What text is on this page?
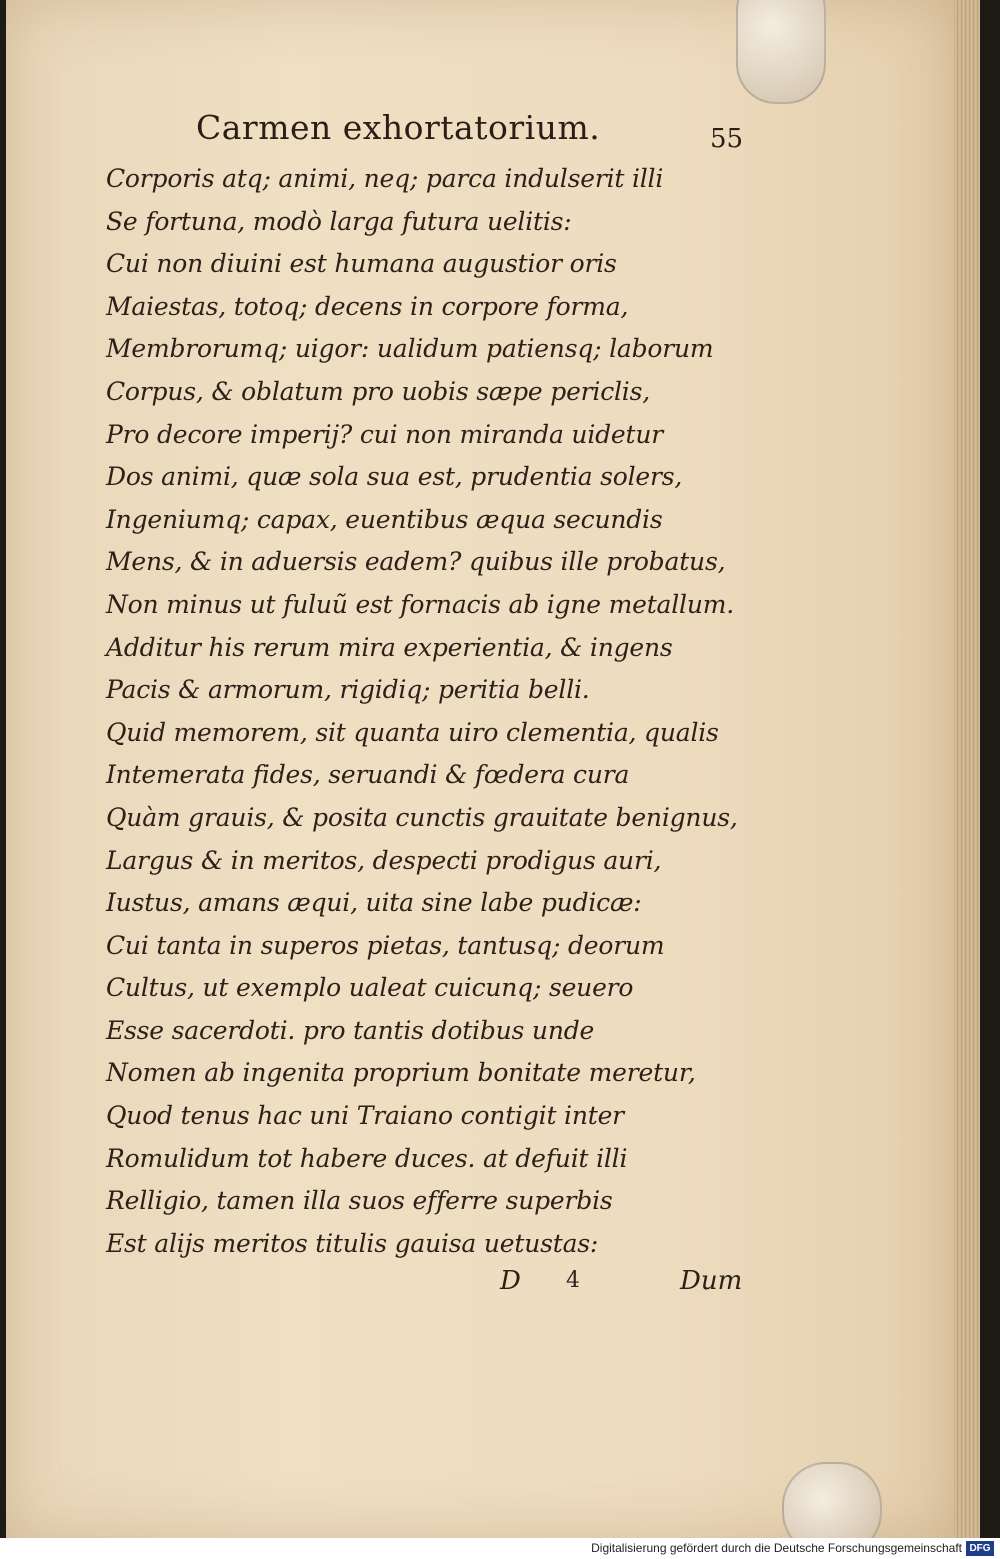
Carmen exhortatorium.	55
Corporis atq; animi, neq; parca indulserit illi
Se fortuna, modò larga futura uelitis:
Cui non diuini est humana augustior oris
Maiestas, totoq; decens in corpore forma,
Membrorumq; uigor: ualidum patiensq; laborum
Corpus, & oblatum pro uobis sæpe periclis,
Pro decore imperij? cui non miranda uidetur
Dos animi, quæ sola sua est, prudentia solers,
Ingeniumq; capax, euentibus æqua secundis
Mens, & in aduersis eadem? quibus ille probatus,
Non minus ut fuluũ est fornacis ab igne metallum.
Additur his rerum mira experientia, & ingens
Pacis & armorum, rigidiq; peritia belli.
Quid memorem, sit quanta uiro clementia, qualis
Intemerata fides, seruandi & fœdera cura
Quàm grauis, & posita cunctis grauitate benignus,
Largus & in meritos, despecti prodigus auri,
Iustus, amans æqui, uita sine labe pudicæ:
Cui tanta in superos pietas, tantusq; deorum
Cultus, ut exemplo ualeat cuicunq; seuero
Esse sacerdoti. pro tantis dotibus unde
Nomen ab ingenita proprium bonitate meretur,
Quod tenus hac uni Traiano contigit inter
Romulidum tot habere duces. at defuit illi
Relligio, tamen illa suos efferre superbis
Est alijs meritos titulis gauisa uetustas:
D 4	Dum
Digitalisierung gefördert durch die Deutsche Forschungsgemeinschaft DFG
